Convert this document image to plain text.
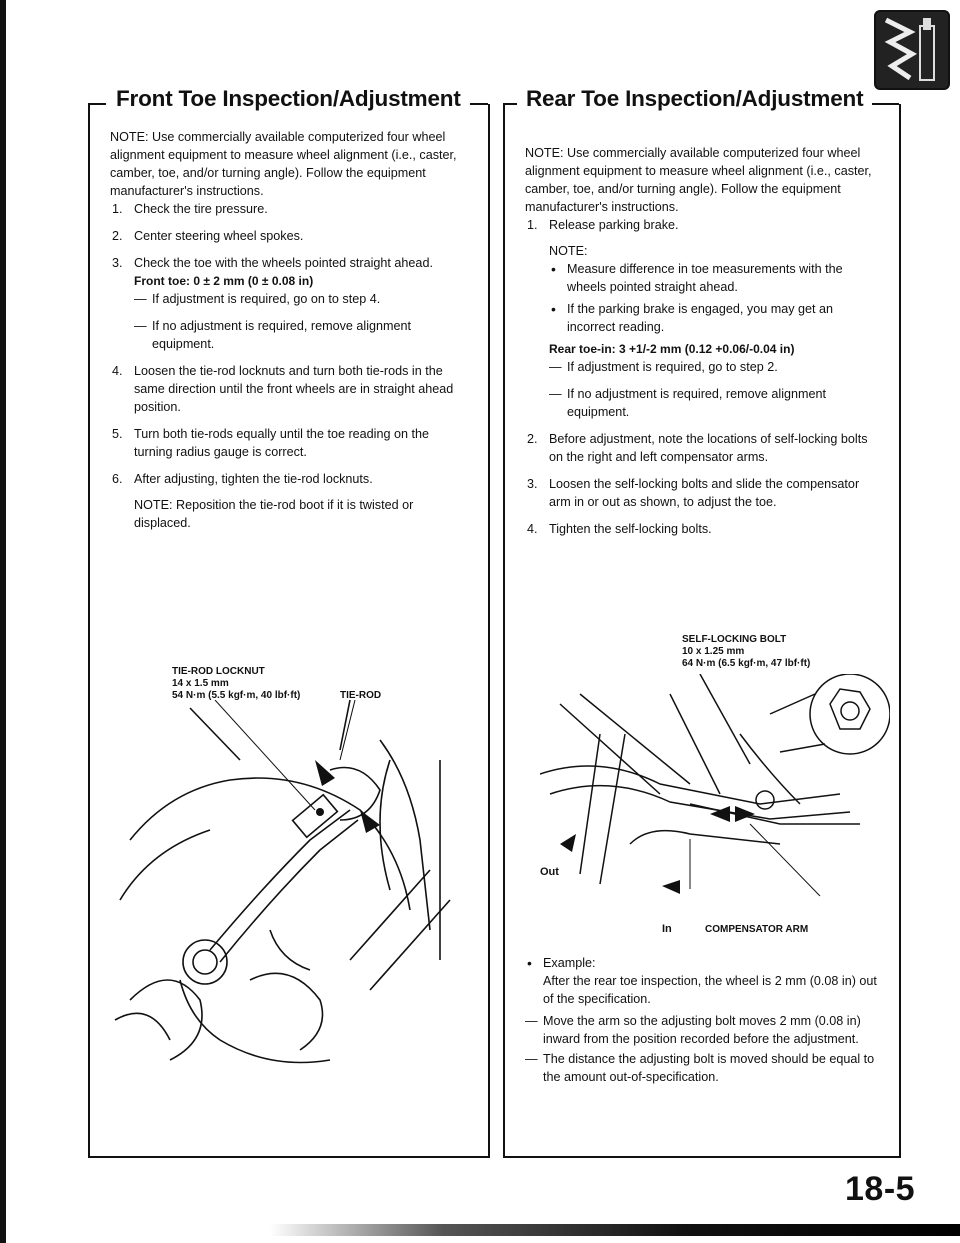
Front Toe Inspection/Adjustment

NOTE: Use commercially available computerized four wheel alignment equipment to measure wheel alignment (i.e., caster, camber, toe, and/or turning angle). Follow the equipment manufacturer's instructions.

1. Check the tire pressure.
2. Center steering wheel spokes.
3. Check the toe with the wheels pointed straight ahead.

Front toe: 0 ± 2 mm (0 ± 0.08 in)

— If adjustment is required, go on to step 4.
— If no adjustment is required, remove alignment equipment.
4. Loosen the tie-rod locknuts and turn both tie-rods in the same direction until the front wheels are in straight ahead position.
5. Turn both tie-rods equally until the toe reading on the turning radius gauge is correct.
6. After adjusting, tighten the tie-rod locknuts.

NOTE: Reposition the tie-rod boot if it is twisted or displaced.

TIE-ROD LOCKNUT
14 x 1.5 mm
54 N·m (5.5 kgf·m, 40 lbf·ft)	TIE-ROD
Rear Toe Inspection/Adjustment

NOTE: Use commercially available computerized four wheel alignment equipment to measure wheel alignment (i.e., caster, camber, toe, and/or turning angle). Follow the equipment manufacturer's instructions.

1. Release parking brake.

NOTE:

• Measure difference in toe measurements with the wheels pointed straight ahead.
• If the parking brake is engaged, you may get an incorrect reading.

Rear toe-in: 3 +1/-2 mm (0.12 +0.06/-0.04 in)

— If adjustment is required, go to step 2.
— If no adjustment is required, remove alignment equipment.
2. Before adjustment, note the locations of self-locking bolts on the right and left compensator arms.
3. Loosen the self-locking bolts and slide the compensator arm in or out as shown, to adjust the toe.
4. Tighten the self-locking bolts.
SELF-LOCKING BOLT
10 x 1.25 mm
64 N·m (6.5 kgf·m, 47 lbf·ft)
Out
In	COMPENSATOR ARM
• Example:
After the rear toe inspection, the wheel is 2 mm (0.08 in) out of the specification.
— Move the arm so the adjusting bolt moves 2 mm (0.08 in) inward from the position recorded before the adjustment.
— The distance the adjusting bolt is moved should be equal to the amount out-of-specification.
18-5
